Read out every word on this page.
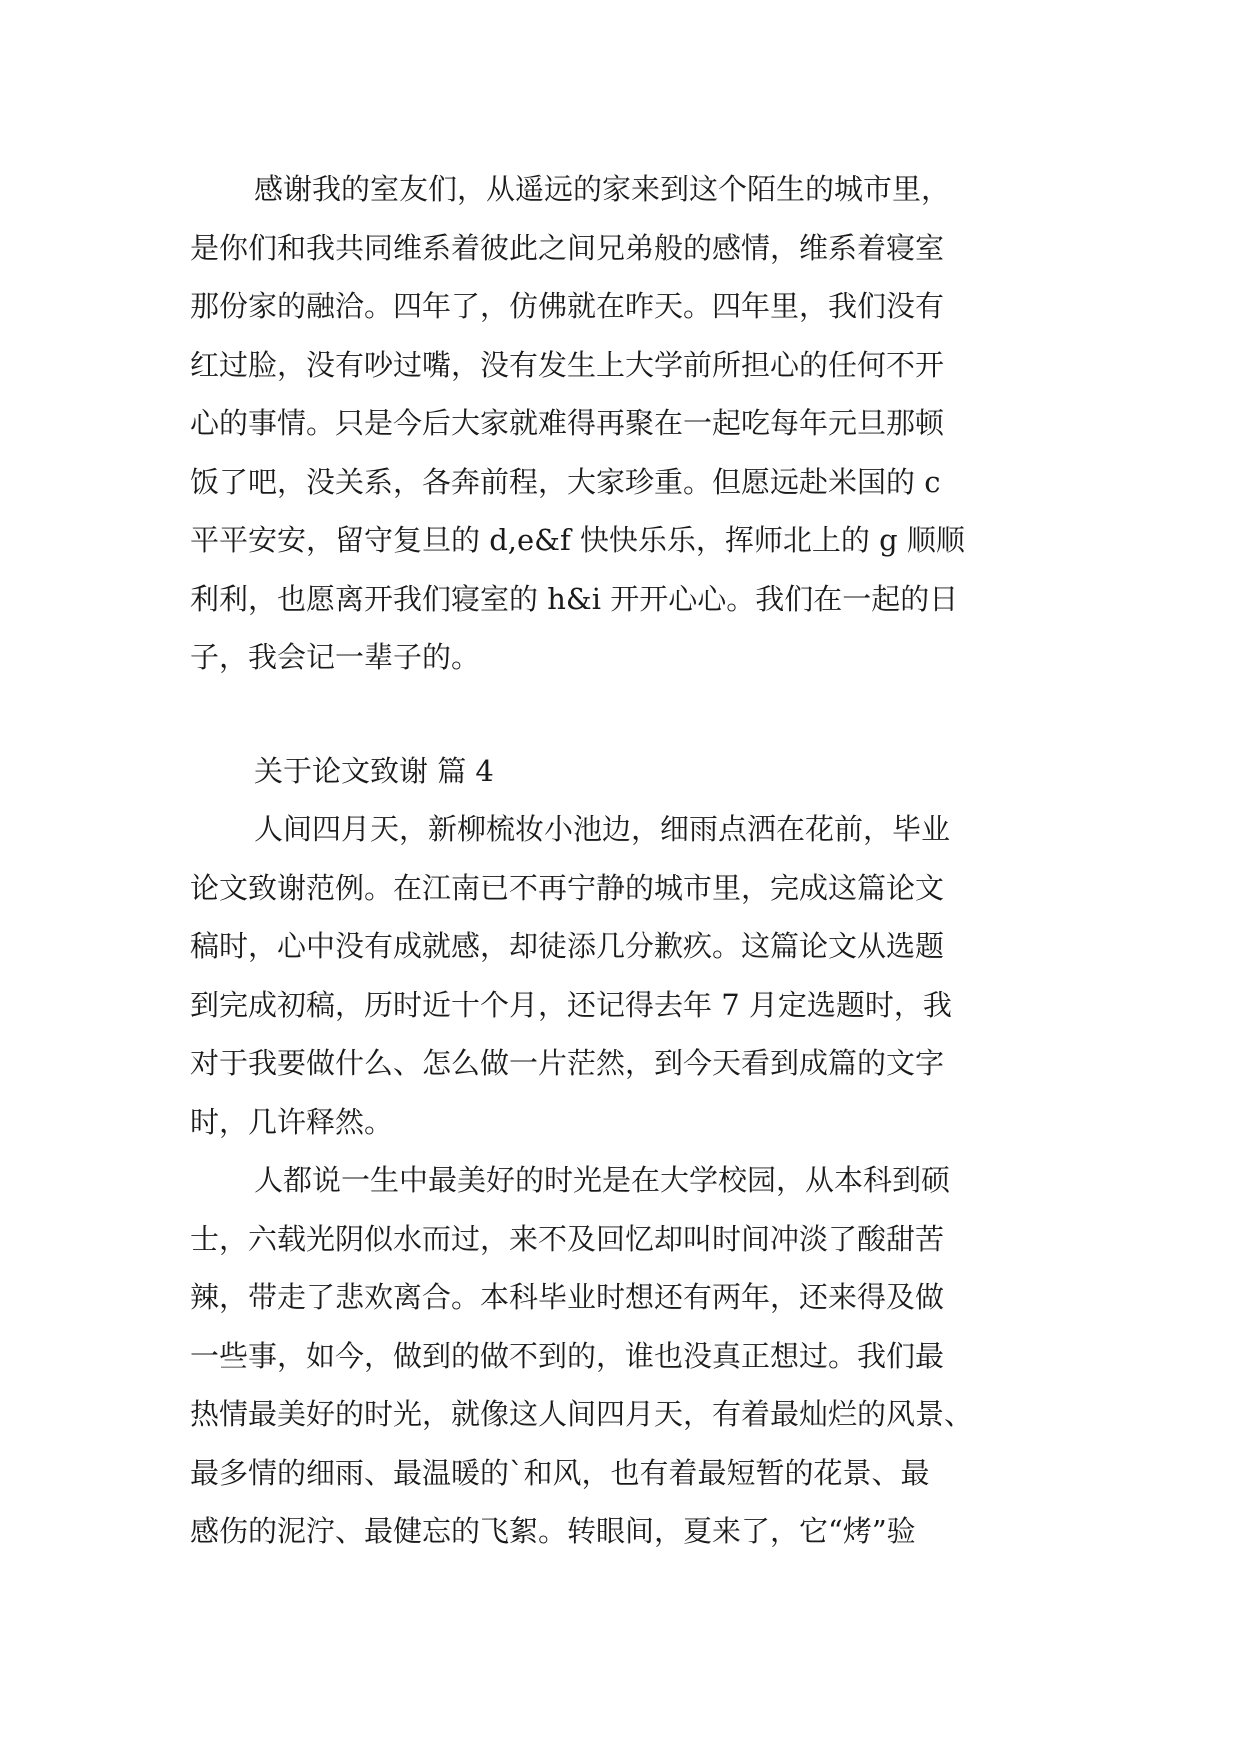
感谢我的室友们，从遥远的家来到这个陌生的城市里，
是你们和我共同维系着彼此之间兄弟般的感情，维系着寝室
那份家的融洽。四年了，仿佛就在昨天。四年里，我们没有
红过脸，没有吵过嘴，没有发生上大学前所担心的任何不开
心的事情。只是今后大家就难得再聚在一起吃每年元旦那顿
饭了吧，没关系，各奔前程，大家珍重。但愿远赴米国的 c
平平安安，留守复旦的 d,e&f 快快乐乐，挥师北上的 g 顺顺
利利，也愿离开我们寝室的 h&i 开开心心。我们在一起的日
子，我会记一辈子的。
关于论文致谢 篇 4
人间四月天，新柳梳妆小池边，细雨点洒在花前，毕业
论文致谢范例。在江南已不再宁静的城市里，完成这篇论文
稿时，心中没有成就感，却徒添几分歉疚。这篇论文从选题
到完成初稿，历时近十个月，还记得去年 7 月定选题时，我
对于我要做什么、怎么做一片茫然，到今天看到成篇的文字
时，几许释然。
人都说一生中最美好的时光是在大学校园，从本科到硕
士，六载光阴似水而过，来不及回忆却叫时间冲淡了酸甜苦
辣，带走了悲欢离合。本科毕业时想还有两年，还来得及做
一些事，如今，做到的做不到的，谁也没真正想过。我们最
热情最美好的时光，就像这人间四月天，有着最灿烂的风景、
最多情的细雨、最温暖的`和风，也有着最短暂的花景、最
感伤的泥泞、最健忘的飞絮。转眼间，夏来了，它“烤”验
